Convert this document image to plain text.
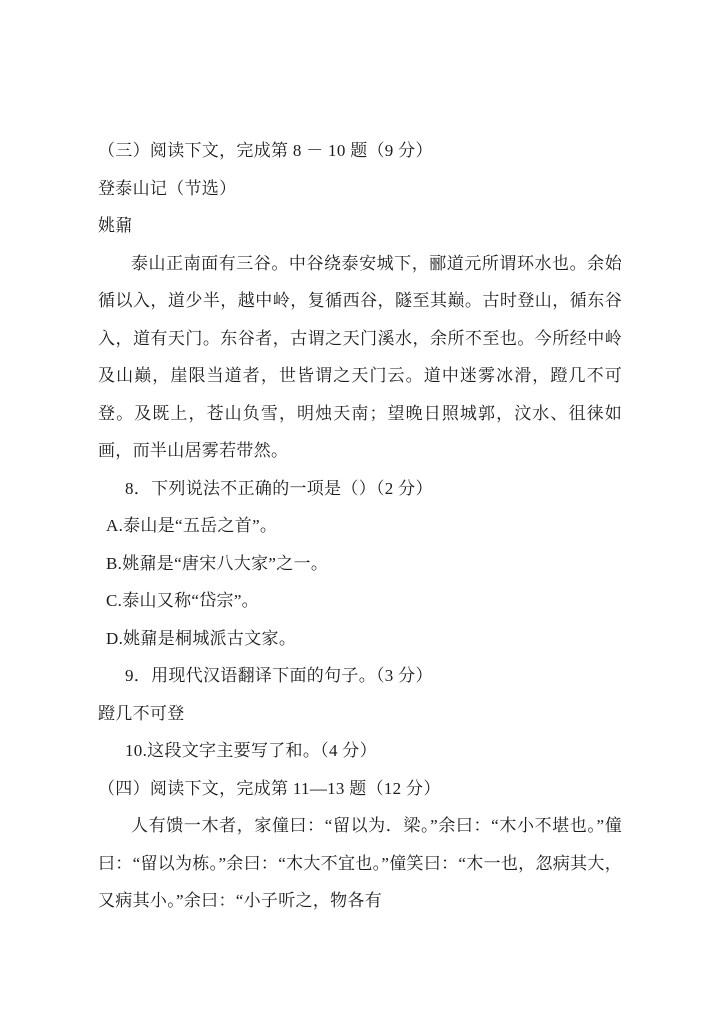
（三）阅读下文，完成第 8 － 10 题（9 分）

登泰山记（节选）

姚鼐

泰山正南面有三谷。中谷绕泰安城下，郦道元所谓环水也。余始循以入，道少半，越中岭，复循西谷，隧至其巅。古时登山，循东谷入，道有天门。东谷者，古谓之天门溪水，余所不至也。今所经中岭及山巅，崖限当道者，世皆谓之天门云。道中迷雾冰滑，蹬几不可登。及既上，苍山负雪，明烛天南；望晚日照城郭，汶水、徂徕如画，而半山居雾若带然。

8．下列说法不正确的一项是（）（2 分）

A.泰山是“五岳之首”。

B.姚鼐是“唐宋八大家”之一。

C.泰山又称“岱宗”。

D.姚鼐是桐城派古文家。

9．用现代汉语翻译下面的句子。（3 分）

蹬几不可登

10.这段文字主要写了和。（4 分）

（四）阅读下文，完成第 11—13 题（12 分）

人有馈一木者，家僮曰：“留以为．梁。”余曰：“木小不堪也。”僮曰：“留以为栋。”余曰：“木大不宜也。”僮笑曰：“木一也，忽病其大，又病其小。”余曰：“小子听之，物各有
